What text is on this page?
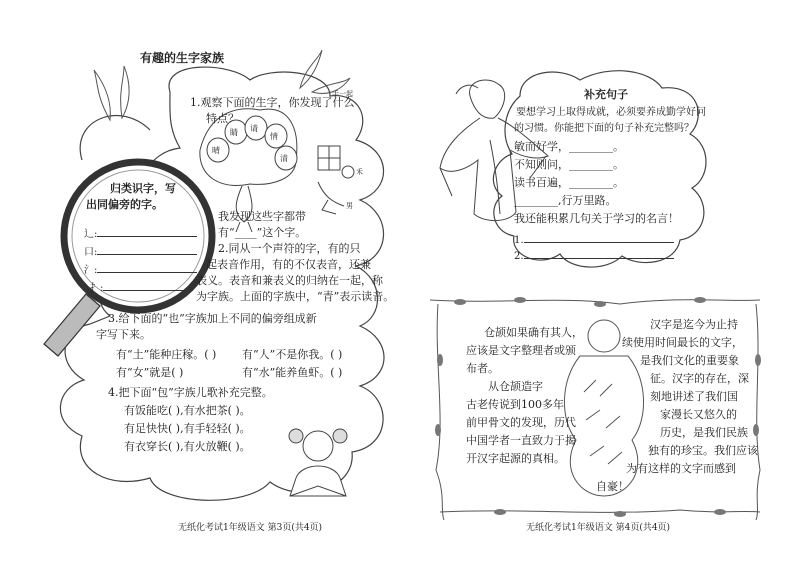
有趣的生字家族
手一起
1.观察下面的生字，你发现了什么
特点？
晴
睛 请
情
清
禾
男
归类识字，写
出同偏旁的字。
辶:
口:
氵:
扌:
我发现这些字都带
有“____”这个字。
2.同从一个声符的字，有的只
起表音作用，有的不仅表音，还兼
表义。表音和兼表义的归纳在一起，称
为字族。上面的字族中，“青”表示读音。
3.给下面的“也”字族加上不同的偏旁组成新
字写下来。
有“土”能种庄稼。( ) 有“人”不是你我。( )
有“女”就是( )	有“水”能养鱼虾。( )
4.把下面“包”字族儿歌补充完整。
有饭能吃( ),有水把茶( )。
有足快快( ),有手轻轻( )。
有衣穿长( ),有火放鞭( )。
无纸化考试1年级语文 第3页(共4页)
补充句子
要想学习上取得成就，必须要养成勤学好问
的习惯。你能把下面的句子补充完整吗？
敏而好学，________。
不知则问，________。
读书百遍，________。
________,行万里路。
我还能积累几句关于学习的名言！
1.
2.
仓颉如果确有其人，
应该是文字整理者或颁
布者。
从仓颉造字
古老传说到100多年
前甲骨文的发现，历代
中国学者一直致力于揭
开汉字起源的真相。
汉字是迄今为止持
续使用时间最长的文字，
是我们文化的重要象
征。汉字的存在，深
刻地讲述了我们国
家漫长又悠久的
历史，是我们民族
独有的珍宝。我们应该
为有这样的文字而感到
自豪！
无纸化考试1年级语文 第4页(共4页)
